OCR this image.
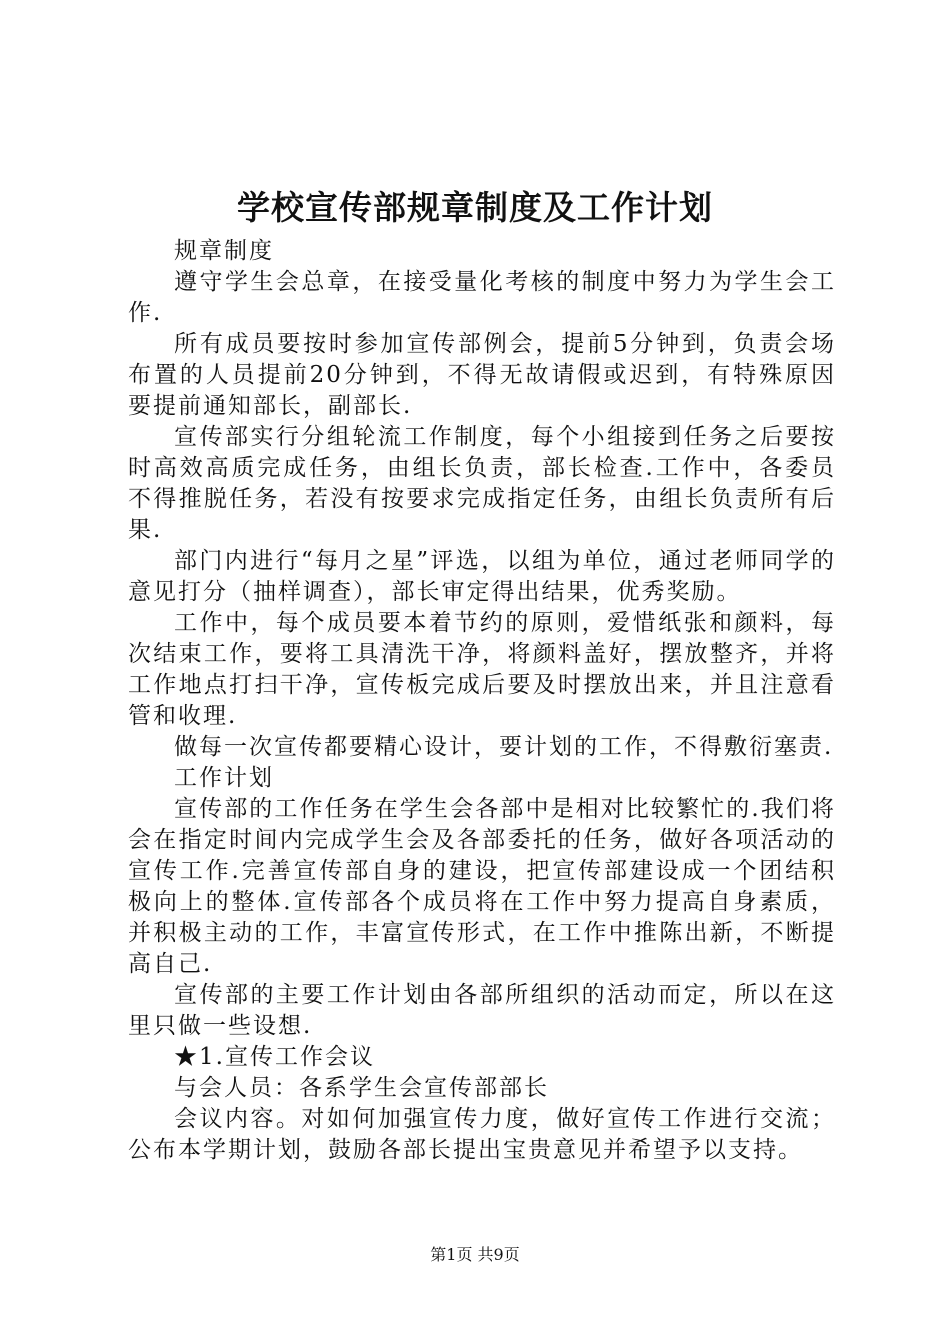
学校宣传部规章制度及工作计划

规章制度

遵守学生会总章，在接受量化考核的制度中努力为学生会工作.

所有成员要按时参加宣传部例会，提前5分钟到，负责会场布置的人员提前20分钟到，不得无故请假或迟到，有特殊原因要提前通知部长，副部长.

宣传部实行分组轮流工作制度，每个小组接到任务之后要按时高效高质完成任务，由组长负责，部长检查.工作中，各委员不得推脱任务，若没有按要求完成指定任务，由组长负责所有后果.

部门内进行“每月之星”评选，以组为单位，通过老师同学的意见打分（抽样调查），部长审定得出结果，优秀奖励。

工作中，每个成员要本着节约的原则，爱惜纸张和颜料，每次结束工作，要将工具清洗干净，将颜料盖好，摆放整齐，并将工作地点打扫干净，宣传板完成后要及时摆放出来，并且注意看管和收理.

做每一次宣传都要精心设计，要计划的工作，不得敷衍塞责.

工作计划

宣传部的工作任务在学生会各部中是相对比较繁忙的.我们将会在指定时间内完成学生会及各部委托的任务，做好各项活动的宣传工作.完善宣传部自身的建设，把宣传部建设成一个团结积极向上的整体.宣传部各个成员将在工作中努力提高自身素质，并积极主动的工作，丰富宣传形式，在工作中推陈出新，不断提高自己.

宣传部的主要工作计划由各部所组织的活动而定，所以在这里只做一些设想.

★1.宣传工作会议

与会人员：各系学生会宣传部部长

会议内容。对如何加强宣传力度，做好宣传工作进行交流；公布本学期计划，鼓励各部长提出宝贵意见并希望予以支持。

第1页 共9页
